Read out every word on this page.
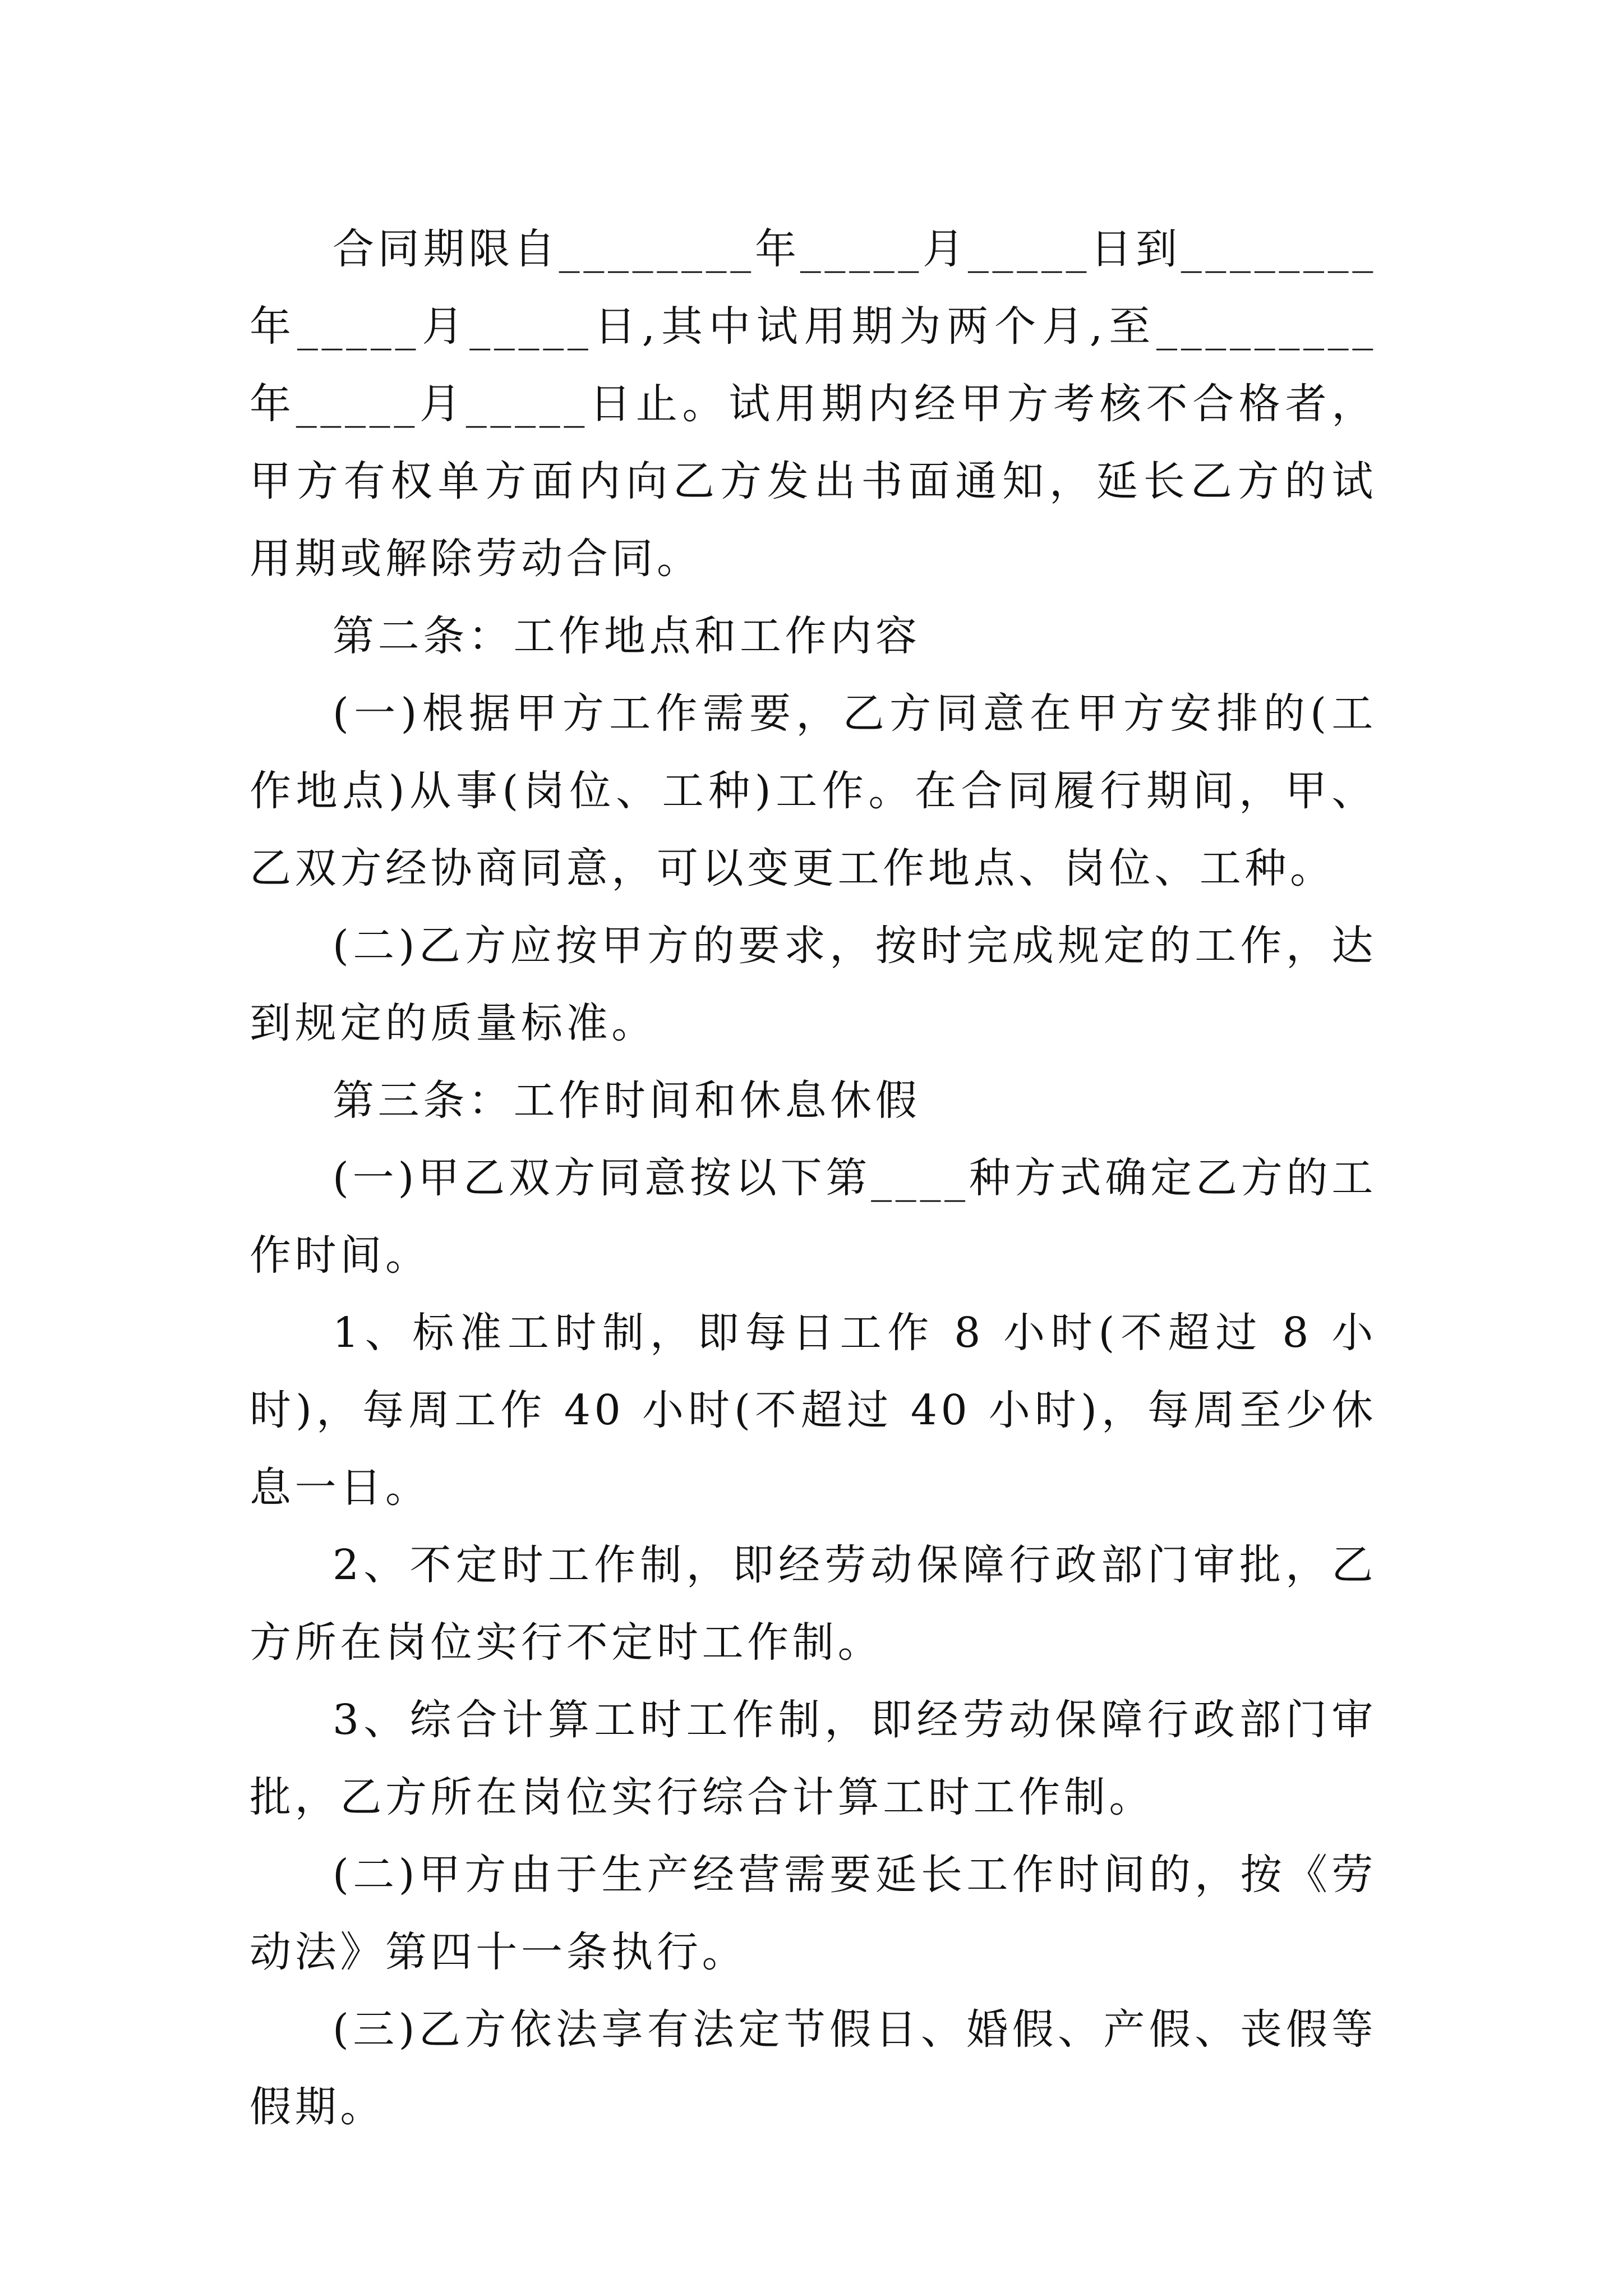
合同期限自________年_____月_____日到________年_____月_____日,其中试用期为两个月,至_________年_____月_____日止。试用期内经甲方考核不合格者，甲方有权单方面内向乙方发出书面通知，延长乙方的试用期或解除劳动合同。

第二条：工作地点和工作内容

(一)根据甲方工作需要，乙方同意在甲方安排的(工作地点)从事(岗位、工种)工作。在合同履行期间，甲、乙双方经协商同意，可以变更工作地点、岗位、工种。

(二)乙方应按甲方的要求，按时完成规定的工作，达到规定的质量标准。

第三条：工作时间和休息休假

(一)甲乙双方同意按以下第____种方式确定乙方的工作时间。

1、标准工时制，即每日工作 8 小时(不超过 8 小时)，每周工作 40 小时(不超过 40 小时)，每周至少休息一日。

2、不定时工作制，即经劳动保障行政部门审批，乙方所在岗位实行不定时工作制。

3、综合计算工时工作制，即经劳动保障行政部门审批，乙方所在岗位实行综合计算工时工作制。

(二)甲方由于生产经营需要延长工作时间的，按《劳动法》第四十一条执行。

(三)乙方依法享有法定节假日、婚假、产假、丧假等假期。
